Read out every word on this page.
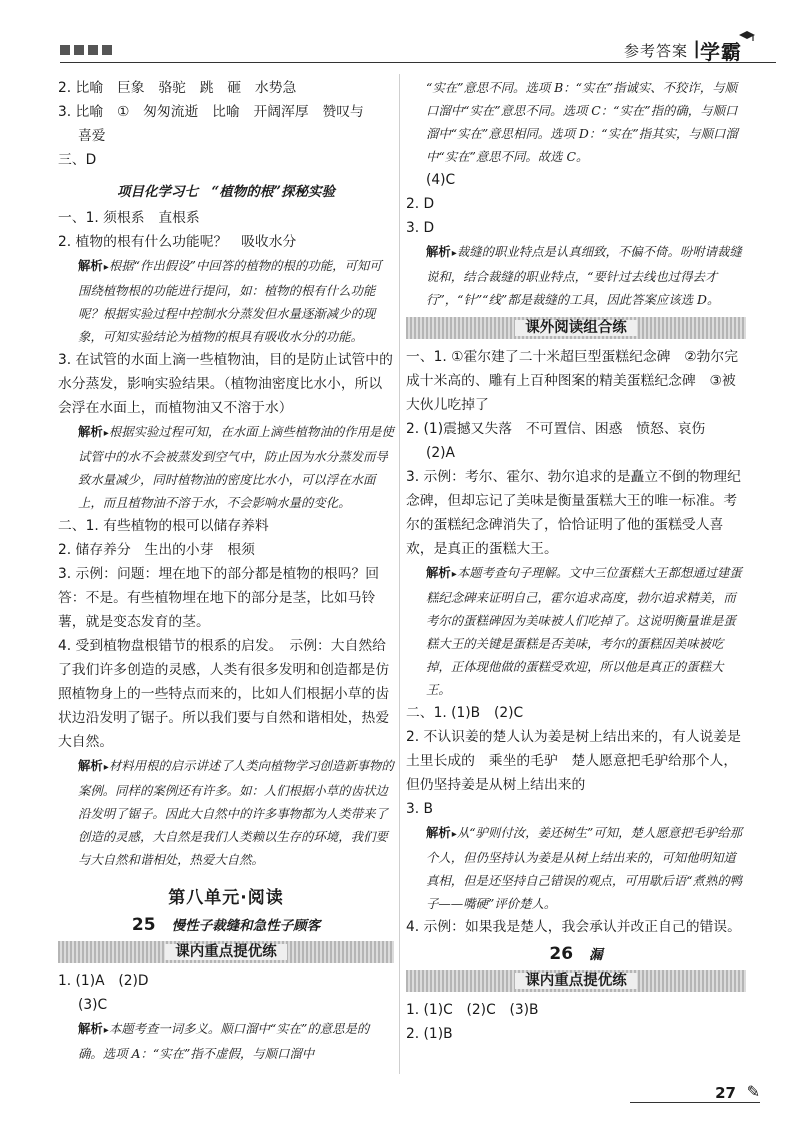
参考答案 | 学霸

2. 比喻　巨象　骆驼　跳　砸　水势急

3. 比喻　①　匆匆流逝　比喻　开阔浑厚　赞叹与

喜爱

三、D

项目化学习七　“植物的根”探秘实验

一、1. 须根系　直根系

2. 植物的根有什么功能呢？　吸收水分

解析 ▸ 根据“作出假设”中回答的植物的根的功能，可知可围绕植物根的功能进行提问，如：植物的根有什么功能呢？根据实验过程中控制水分蒸发但水量逐渐减少的现象，可知实验结论为植物的根具有吸收水分的功能。

3. 在试管的水面上滴一些植物油，目的是防止试管中的水分蒸发，影响实验结果。（植物油密度比水小，所以会浮在水面上，而植物油又不溶于水）

解析 ▸ 根据实验过程可知，在水面上滴些植物油的作用是使试管中的水不会被蒸发到空气中，防止因为水分蒸发而导致水量减少，同时植物油的密度比水小，可以浮在水面上，而且植物油不溶于水，不会影响水量的变化。

二、1. 有些植物的根可以储存养料

2. 储存养分　生出的小芽　根须

3. 示例：问题：埋在地下的部分都是植物的根吗？回答：不是。有些植物埋在地下的部分是茎，比如马铃薯，就是变态发育的茎。

4. 受到植物盘根错节的根系的启发。　示例：大自然给了我们许多创造的灵感，人类有很多发明和创造都是仿照植物身上的一些特点而来的，比如人们根据小草的齿状边沿发明了锯子。所以我们要与自然和谐相处，热爱大自然。

解析 ▸ 材料用根的启示讲述了人类向植物学习创造新事物的案例。同样的案例还有许多。如：人们根据小草的齿状边沿发明了锯子。因此大自然中的许多事物都为人类带来了创造的灵感，大自然是我们人类赖以生存的环境，我们要与大自然和谐相处，热爱大自然。

第八单元·阅读
25 慢性子裁缝和急性子顾客
课内重点提优练

1. (1)A　(2)D

(3)C

解析 ▸ 本题考查一词多义。顺口溜中“实在”的意思是的确。选项 A：“实在”指不虚假，与顺口溜中

“实在”意思不同。选项 B：“实在”指诚实、不狡诈，与顺口溜中“实在”意思不同。选项 C：“实在”指的确，与顺口溜中“实在”意思相同。选项 D：“实在”指其实，与顺口溜中“实在”意思不同。故选 C。

(4)C

2. D

3. D

解析 ▸ 裁缝的职业特点是认真细致，不偏不倚。吩咐请裁缝说和，结合裁缝的职业特点，“要针过去线也过得去才行”，“针”“线”都是裁缝的工具，因此答案应该选 D。

课外阅读组合练

一、1. ①霍尔建了二十米超巨型蛋糕纪念碑　②勃尔完成十米高的、雕有上百种图案的精美蛋糕纪念碑　③被大伙儿吃掉了

2. (1)震撼又失落　不可置信、困惑　愤怒、哀伤

(2)A

3. 示例：考尔、霍尔、勃尔追求的是矗立不倒的物理纪念碑，但却忘记了美味是衡量蛋糕大王的唯一标准。考尔的蛋糕纪念碑消失了，恰恰证明了他的蛋糕受人喜欢，是真正的蛋糕大王。

解析 ▸ 本题考查句子理解。文中三位蛋糕大王都想通过建蛋糕纪念碑来证明自己，霍尔追求高度，勃尔追求精美，而考尔的蛋糕碑因为美味被人们吃掉了。这说明衡量谁是蛋糕大王的关键是蛋糕是否美味，考尔的蛋糕因美味被吃掉，正体现他做的蛋糕受欢迎，所以他是真正的蛋糕大王。

二、1. (1)B　(2)C

2. 不认识姜的楚人认为姜是树上结出来的，有人说姜是土里长成的　乘坐的毛驴　楚人愿意把毛驴给那个人，但仍坚持姜是从树上结出来的

3. B

解析 ▸ 从“驴则付汝，姜还树生”可知，楚人愿意把毛驴给那个人，但仍坚持认为姜是从树上结出来的，可知他明知道真相，但是还坚持自己错误的观点，可用歇后语“煮熟的鸭子——嘴硬”评价楚人。

4. 示例：如果我是楚人，我会承认并改正自己的错误。

26 漏
课内重点提优练

1. (1)C　(2)C　(3)B

2. (1)B

27 ✎
